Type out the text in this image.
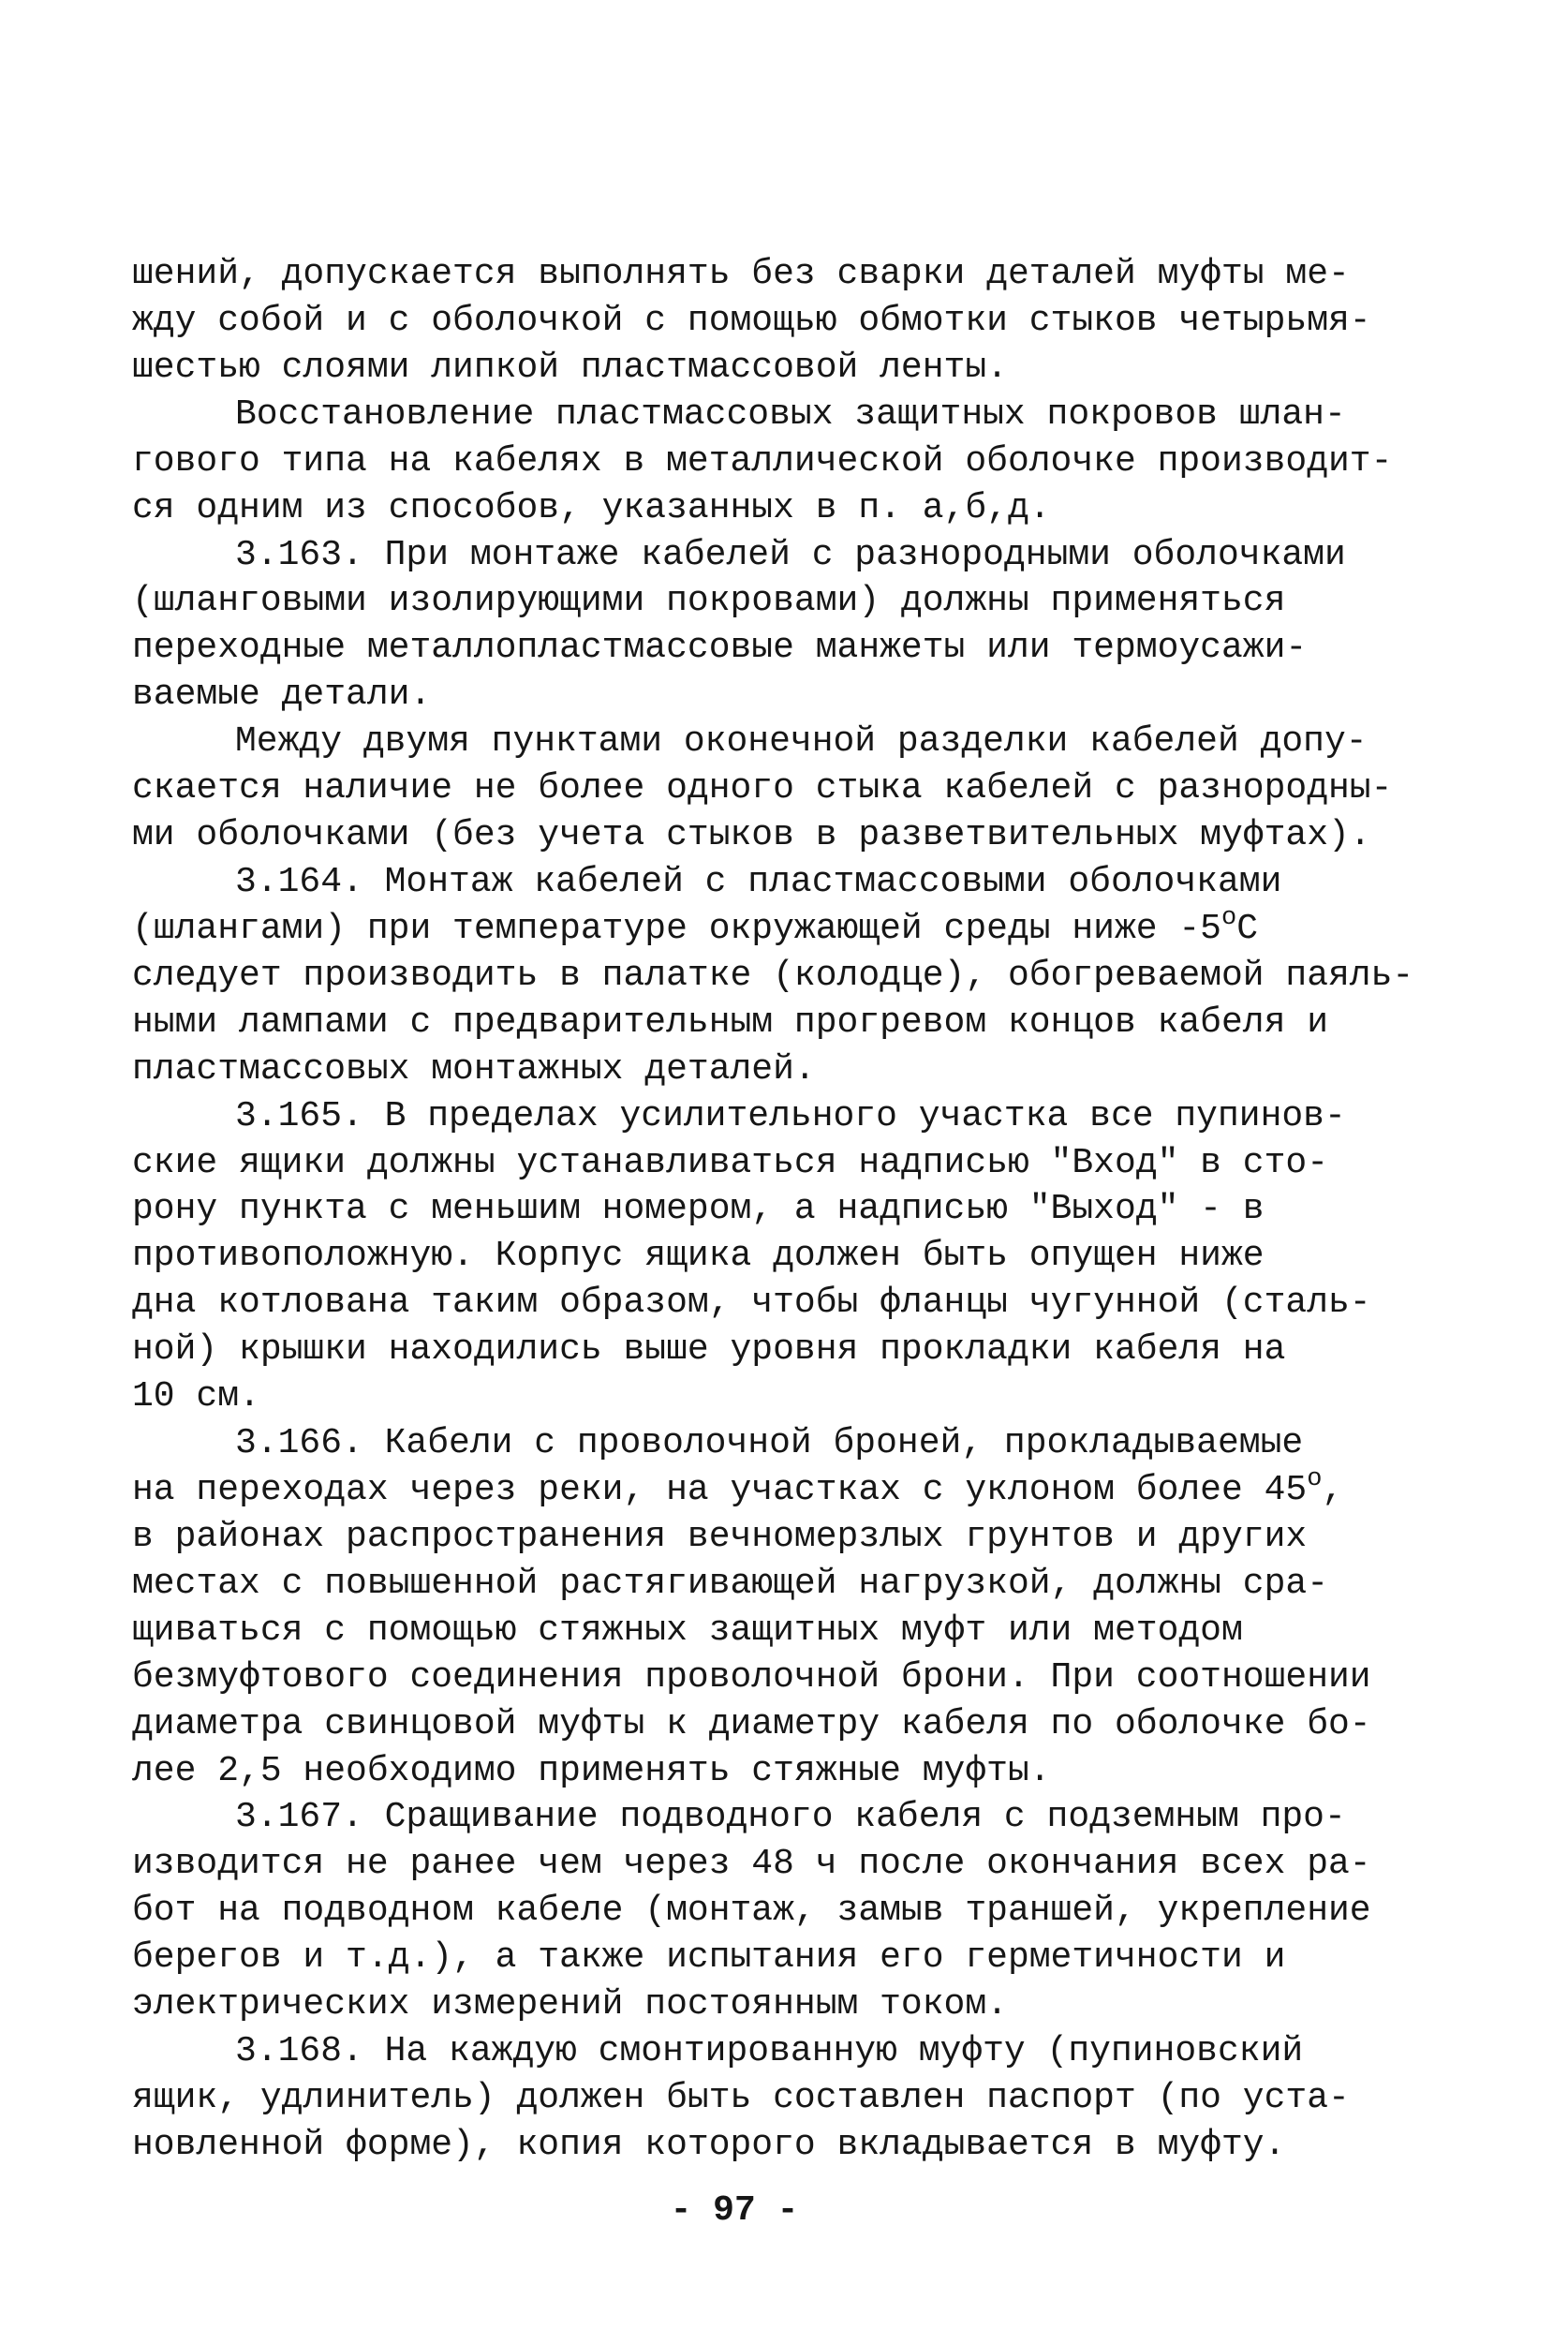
шений, допускается выполнять без сварки деталей муфты ме-
жду собой и с оболочкой с помощью обмотки стыков четырьмя-
шестью слоями липкой пластмассовой ленты.
Восстановление пластмассовых защитных покровов шлан-
гового типа на кабелях в металлической оболочке производит-
ся одним из способов, указанных в п. а,б,д.
3.163. При монтаже кабелей с разнородными оболочками
(шланговыми изолирующими покровами) должны применяться
переходные металлопластмассовые манжеты или термоусажи-
ваемые детали.
Между двумя пунктами оконечной разделки кабелей допу-
скается наличие не более одного стыка кабелей с разнородны-
ми оболочками (без учета стыков в разветвительных муфтах).
3.164. Монтаж кабелей с пластмассовыми оболочками
(шлангами) при температуре окружающей среды ниже -5$^o$C
следует производить в палатке (колодце), обогреваемой паяль-
ными лампами с предварительным прогревом концов кабеля и
пластмассовых монтажных деталей.
3.165. В пределах усилительного участка все пупинов-
ские ящики должны устанавливаться надписью "Вход" в сто-
рону пункта с меньшим номером, а надписью "Выход" - в
противоположную. Корпус ящика должен быть опущен ниже
дна котлована таким образом, чтобы фланцы чугунной (сталь-
ной) крышки находились выше уровня прокладки кабеля на
10 см.
3.166. Кабели с проволочной броней, прокладываемые
на переходах через реки, на участках с уклоном более 45$^o$,
в районах распространения вечномерзлых грунтов и других
местах с повышенной растягивающей нагрузкой, должны сра-
щиваться с помощью стяжных защитных муфт или методом
безмуфтового соединения проволочной брони. При соотношении
диаметра свинцовой муфты к диаметру кабеля по оболочке бо-
лее 2,5 необходимо применять стяжные муфты.
3.167. Сращивание подводного кабеля с подземным про-
изводится не ранее чем через 48 ч после окончания всех ра-
бот на подводном кабеле (монтаж, замыв траншей, укрепление
берегов и т.д.), а также испытания его герметичности и
электрических измерений постоянным током.
3.168. На каждую смонтированную муфту (пупиновский
ящик, удлинитель) должен быть составлен паспорт (по уста-
новленной форме), копия которого вкладывается в муфту.
- 97 -
